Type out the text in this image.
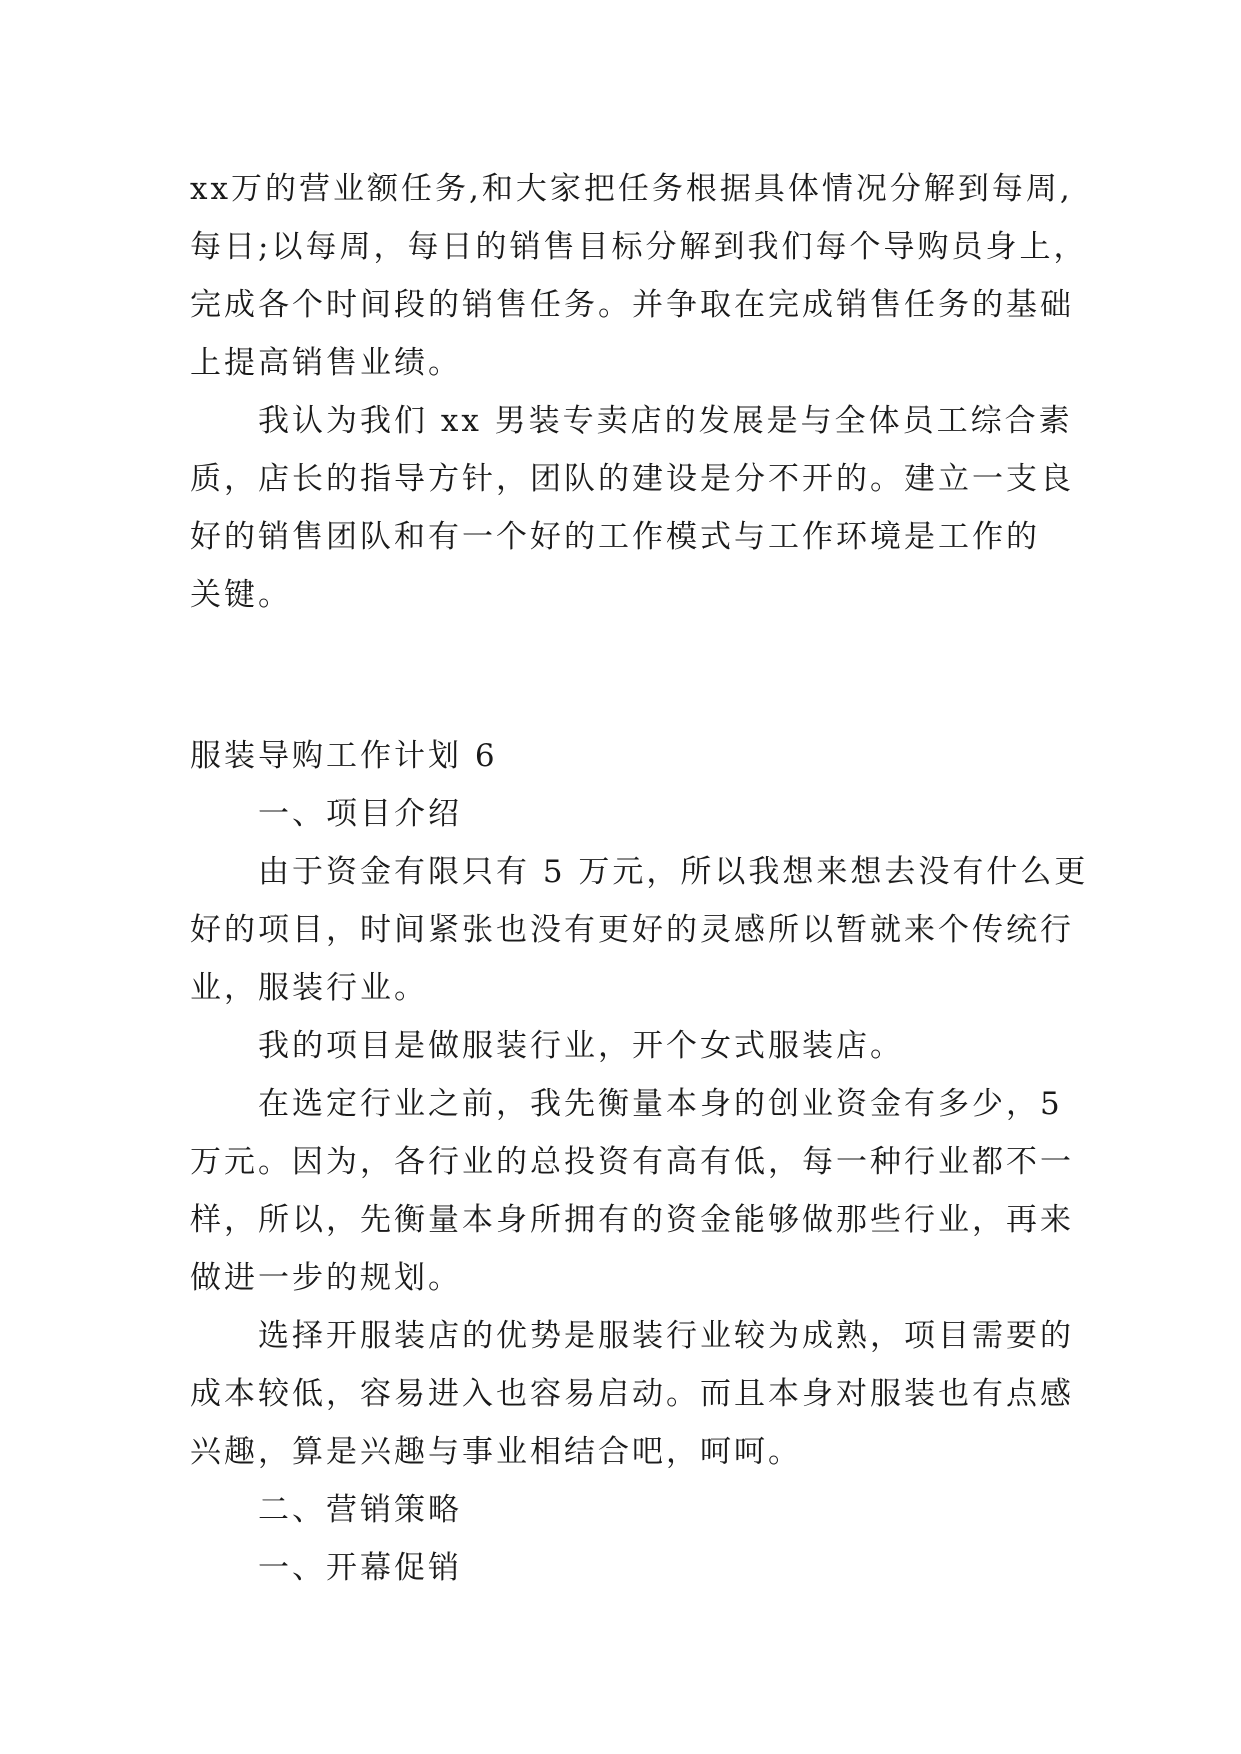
xx万的营业额任务,和大家把任务根据具体情况分解到每周,
每日;以每周，每日的销售目标分解到我们每个导购员身上，
完成各个时间段的销售任务。并争取在完成销售任务的基础
上提高销售业绩。
我认为我们 xx 男装专卖店的发展是与全体员工综合素
质，店长的指导方针，团队的建设是分不开的。建立一支良
好的销售团队和有一个好的工作模式与工作环境是工作的
关键。
服装导购工作计划 6
一、项目介绍
由于资金有限只有 5 万元，所以我想来想去没有什么更
好的项目，时间紧张也没有更好的灵感所以暂就来个传统行
业，服装行业。
我的项目是做服装行业，开个女式服装店。
在选定行业之前，我先衡量本身的创业资金有多少，5
万元。因为，各行业的总投资有高有低，每一种行业都不一
样，所以，先衡量本身所拥有的资金能够做那些行业，再来
做进一步的规划。
选择开服装店的优势是服装行业较为成熟，项目需要的
成本较低，容易进入也容易启动。而且本身对服装也有点感
兴趣，算是兴趣与事业相结合吧，呵呵。
二、营销策略
一、开幕促销
